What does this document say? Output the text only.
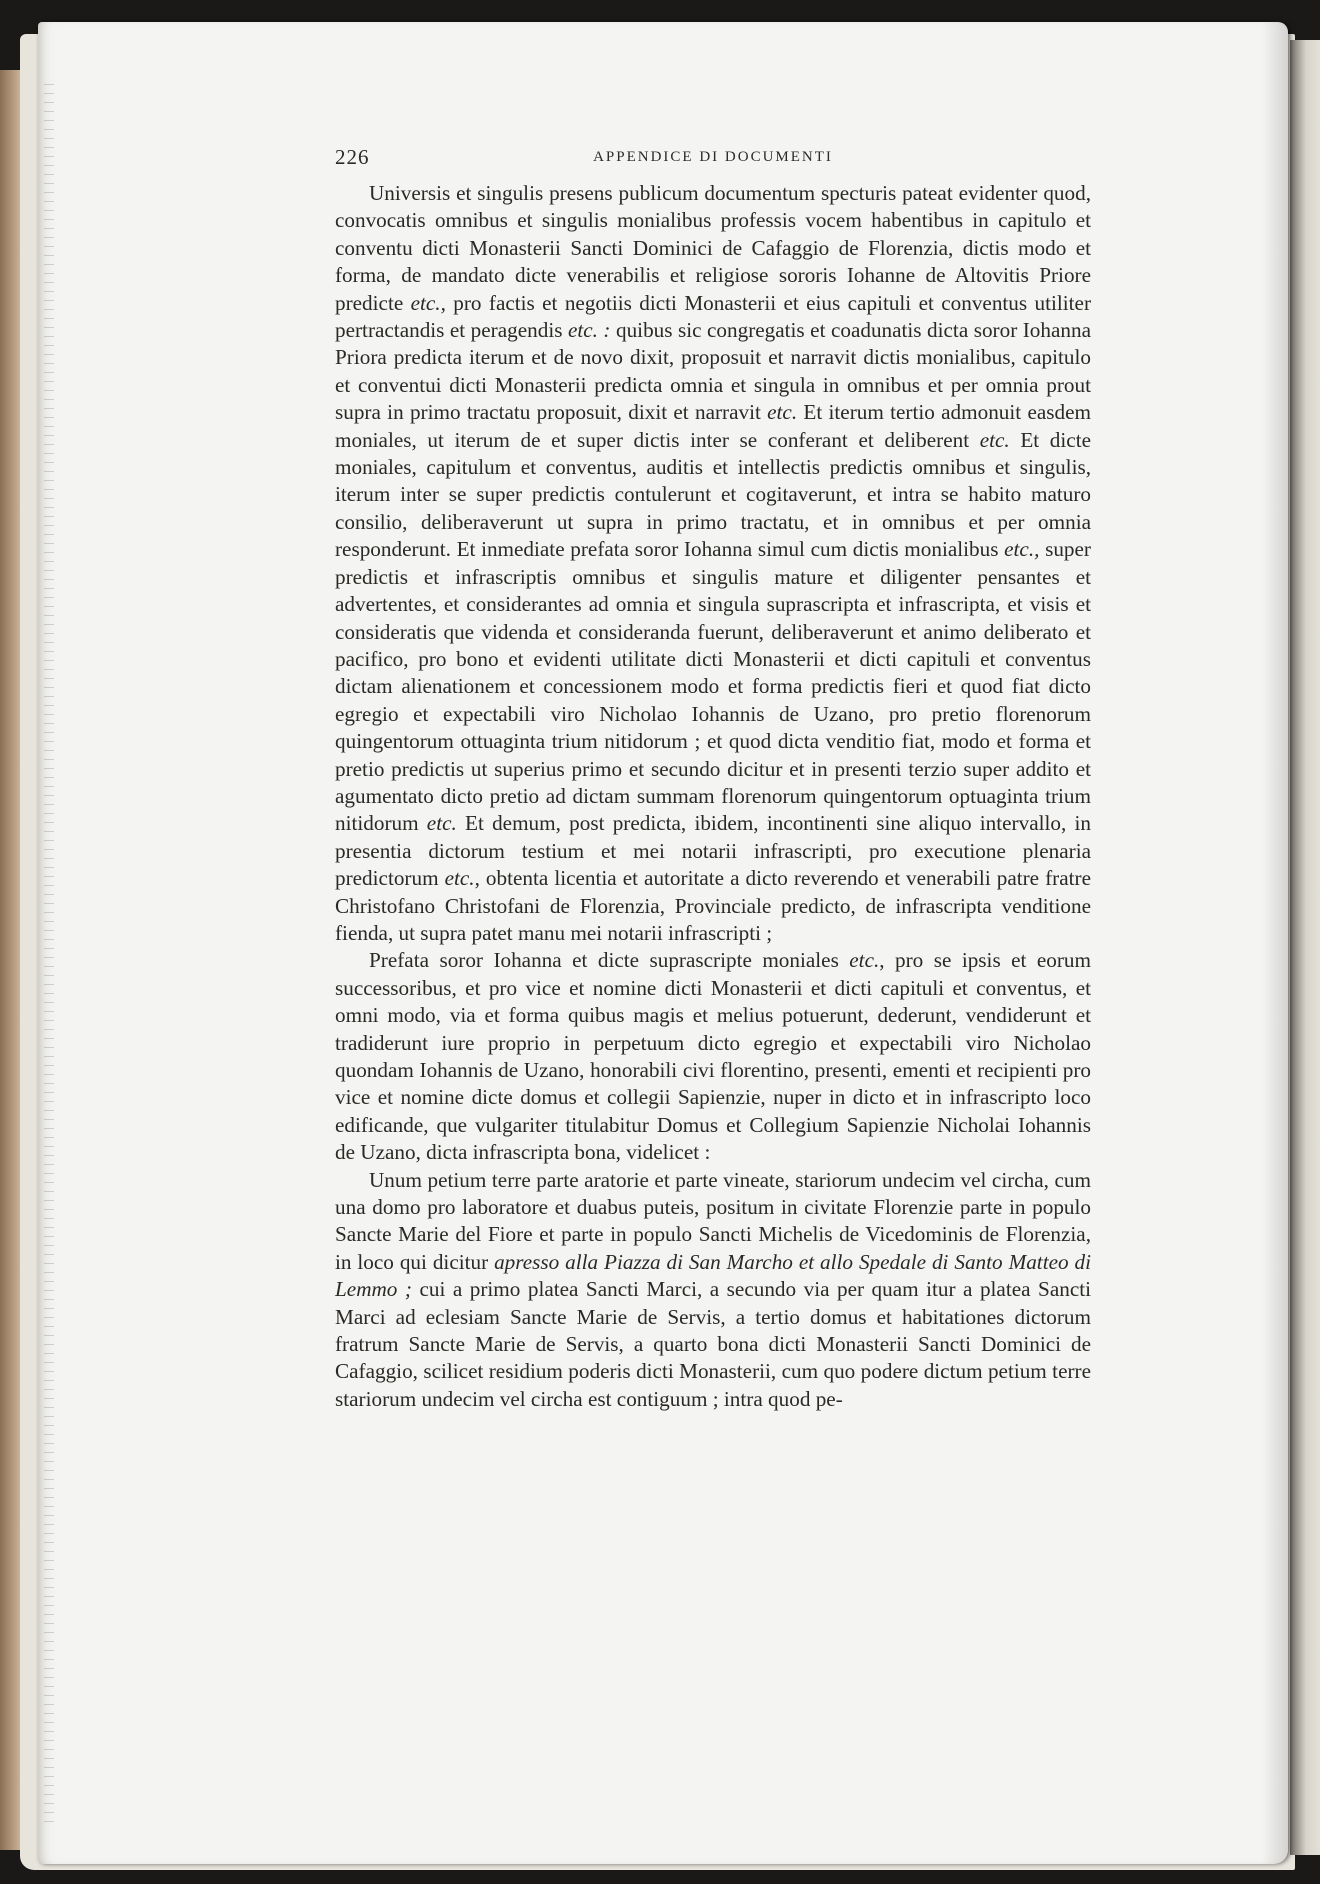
226	APPENDICE DI DOCUMENTI

Universis et singulis presens publicum documentum specturis pateat evidenter quod, convocatis omnibus et singulis monialibus professis vocem habentibus in capitulo et conventu dicti Monasterii Sancti Dominici de Cafaggio de Florenzia, dictis modo et forma, de mandato dicte venerabilis et religiose sororis Iohanne de Altovitis Priore predicte etc., pro factis et negotiis dicti Monasterii et eius capituli et conventus utiliter pertractandis et peragendis etc. : quibus sic congregatis et coadunatis dicta soror Iohanna Priora predicta iterum et de novo dixit, proposuit et narravit dictis monialibus, capitulo et conventui dicti Monasterii predicta omnia et singula in omnibus et per omnia prout supra in primo tractatu proposuit, dixit et narravit etc. Et iterum tertio admonuit easdem moniales, ut iterum de et super dictis inter se conferant et deliberent etc. Et dicte moniales, capitulum et conventus, auditis et intellectis predictis omnibus et singulis, iterum inter se super predictis contulerunt et cogitaverunt, et intra se habito maturo consilio, deliberaverunt ut supra in primo tractatu, et in omnibus et per omnia responderunt. Et inmediate prefata soror Iohanna simul cum dictis monialibus etc., super predictis et infrascriptis omnibus et singulis mature et diligenter pensantes et advertentes, et considerantes ad omnia et singula suprascripta et infrascripta, et visis et consideratis que videnda et consideranda fuerunt, deliberaverunt et animo deliberato et pacifico, pro bono et evidenti utilitate dicti Monasterii et dicti capituli et conventus dictam alienationem et concessionem modo et forma predictis fieri et quod fiat dicto egregio et expectabili viro Nicholao Iohannis de Uzano, pro pretio florenorum quingentorum ottuaginta trium nitidorum ; et quod dicta venditio fiat, modo et forma et pretio predictis ut superius primo et secundo dicitur et in presenti terzio super addito et agumentato dicto pretio ad dictam summam florenorum quingentorum optuaginta trium nitidorum etc. Et demum, post predicta, ibidem, incontinenti sine aliquo intervallo, in presentia dictorum testium et mei notarii infrascripti, pro executione plenaria predictorum etc., obtenta licentia et autoritate a dicto reverendo et venerabili patre fratre Christofano Christofani de Florenzia, Provinciale predicto, de infrascripta venditione fienda, ut supra patet manu mei notarii infrascripti ;

Prefata soror Iohanna et dicte suprascripte moniales etc., pro se ipsis et eorum successoribus, et pro vice et nomine dicti Monasterii et dicti capituli et conventus, et omni modo, via et forma quibus magis et melius potuerunt, dederunt, vendiderunt et tradiderunt iure proprio in perpetuum dicto egregio et expectabili viro Nicholao quondam Iohannis de Uzano, honorabili civi florentino, presenti, ementi et recipienti pro vice et nomine dicte domus et collegii Sapienzie, nuper in dicto et in infrascripto loco edificande, que vulgariter titulabitur Domus et Collegium Sapienzie Nicholai Iohannis de Uzano, dicta infrascripta bona, videlicet :

Unum petium terre parte aratorie et parte vineate, stariorum undecim vel circha, cum una domo pro laboratore et duabus puteis, positum in civitate Florenzie parte in populo Sancte Marie del Fiore et parte in populo Sancti Michelis de Vicedominis de Florenzia, in loco qui dicitur apresso alla Piazza di San Marcho et allo Spedale di Santo Matteo di Lemmo ; cui a primo platea Sancti Marci, a secundo via per quam itur a platea Sancti Marci ad eclesiam Sancte Marie de Servis, a tertio domus et habitationes dictorum fratrum Sancte Marie de Servis, a quarto bona dicti Monasterii Sancti Dominici de Cafaggio, scilicet residium poderis dicti Monasterii, cum quo podere dictum petium terre stariorum undecim vel circha est contiguum ; intra quod pe-
